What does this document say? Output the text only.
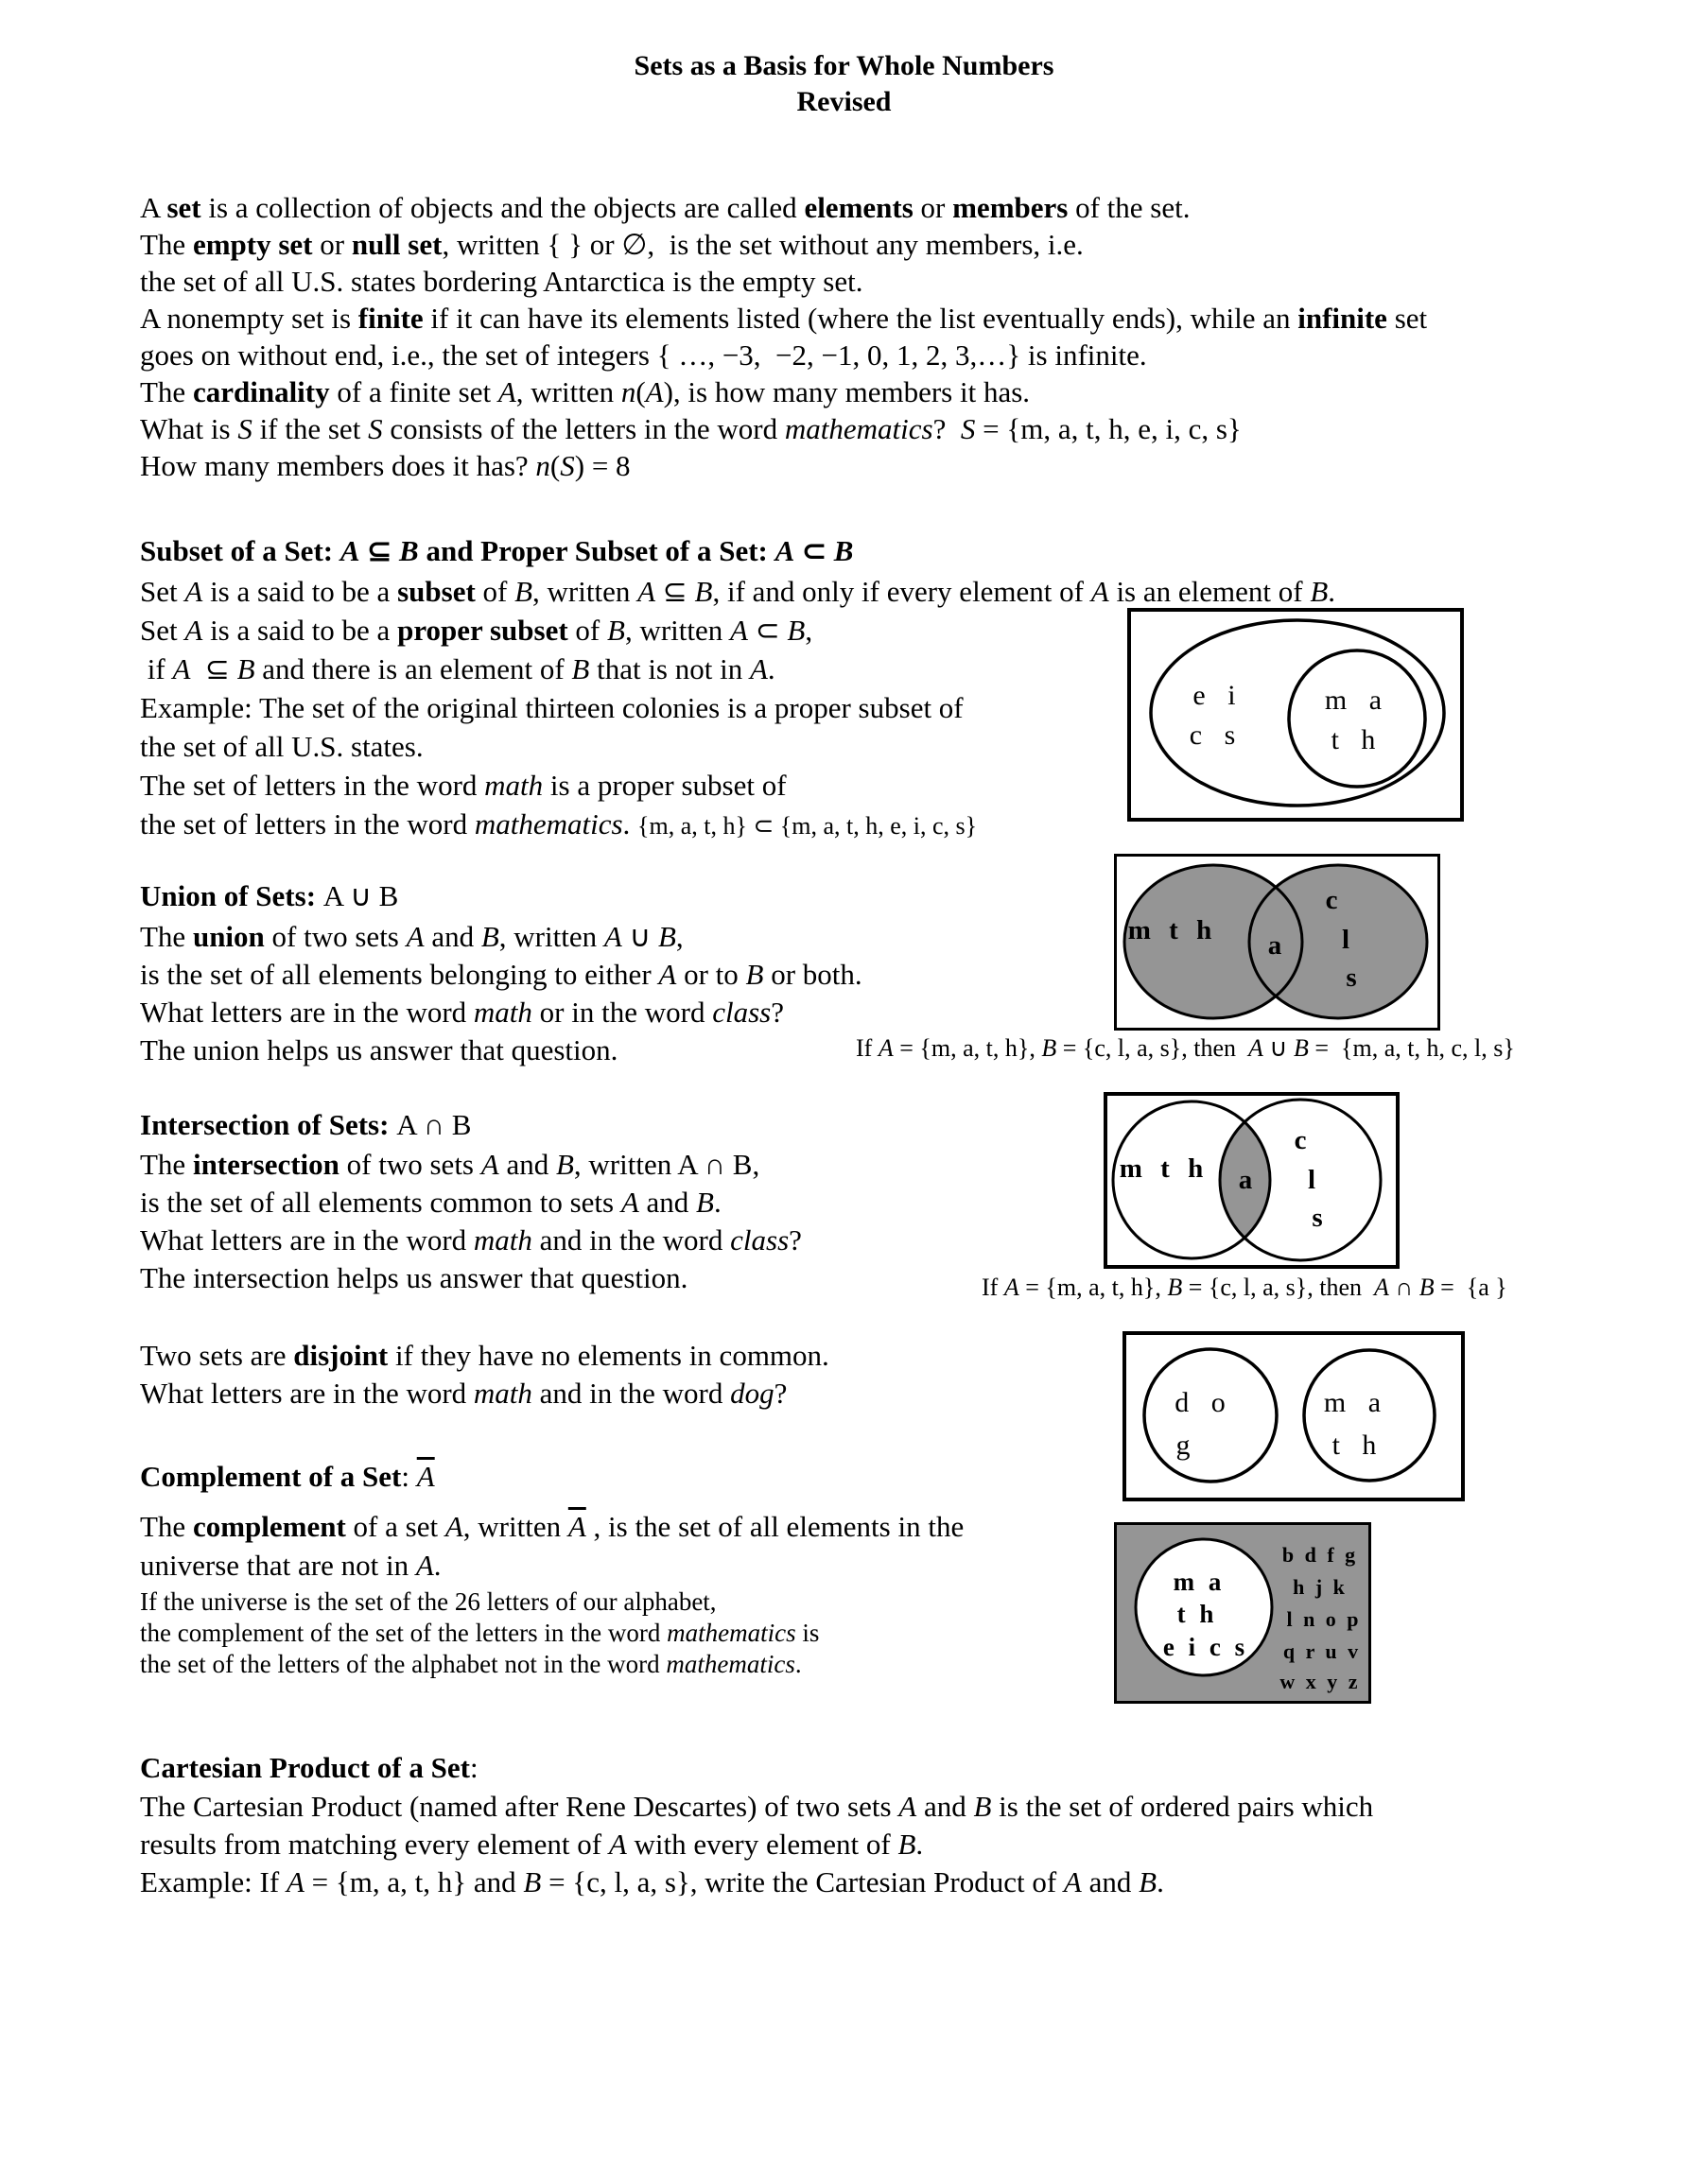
Sets as a Basis for Whole Numbers
Revised
A set is a collection of objects and the objects are called elements or members of the set.
The empty set or null set, written { } or ∅,  is the set without any members, i.e.
the set of all U.S. states bordering Antarctica is the empty set.
A nonempty set is finite if it can have its elements listed (where the list eventually ends), while an infinite set
goes on without end, i.e., the set of integers { …, −3,  −2, −1, 0, 1, 2, 3,…} is infinite.
The cardinality of a finite set A, written n(A), is how many members it has.
What is S if the set S consists of the letters in the word mathematics?  S = {m, a, t, h, e, i, c, s}
How many members does it has? n(S) = 8
Subset of a Set: A ⊆ B and Proper Subset of a Set: A ⊂ B
Set A is a said to be a subset of B, written A ⊆ B, if and only if every element of A is an element of B.
Set A is a said to be a proper subset of B, written A ⊂ B,
if A  ⊆ B and there is an element of B that is not in A.
Example: The set of the original thirteen colonies is a proper subset of
the set of all U.S. states.
The set of letters in the word math is a proper subset of
the set of letters in the word mathematics. {m, a, t, h} ⊂ {m, a, t, h, e, i, c, s}
e i
c s
m a
t h
Union of Sets: A ∪ B
The union of two sets A and B, written A ∪ B,
is the set of all elements belonging to either A or to B or both.
What letters are in the word math or in the word class?
The union helps us answer that question.	If A = {m, a, t, h}, B = {c, l, a, s}, then  A ∪ B =  {m, a, t, h, c, l, s}
m t h a
c
l
s
Intersection of Sets: A ∩ B
The intersection of two sets A and B, written A ∩ B,
is the set of all elements common to sets A and B.
What letters are in the word math and in the word class?
The intersection helps us answer that question.	If A = {m, a, t, h}, B = {c, l, a, s}, then  A ∩ B =  {a }
m t h a
c
l
s
Two sets are disjoint if they have no elements in common.
What letters are in the word math and in the word dog?	d o
g
m a
t h
Complement of a Set: $\overline{A}$
The complement of a set A, written $\overline{A}$ , is the set of all elements in the
universe that are not in A.
If the universe is the set of the 26 letters of our alphabet,
the complement of the set of the letters in the word mathematics is
the set of the letters of the alphabet not in the word mathematics.
m a
t h
e i c s
b d f g
h j k
l n o p
q r u v
w x y z
Cartesian Product of a Set:
The Cartesian Product (named after Rene Descartes) of two sets A and B is the set of ordered pairs which
results from matching every element of A with every element of B.
Example: If A = {m, a, t, h} and B = {c, l, a, s}, write the Cartesian Product of A and B.
